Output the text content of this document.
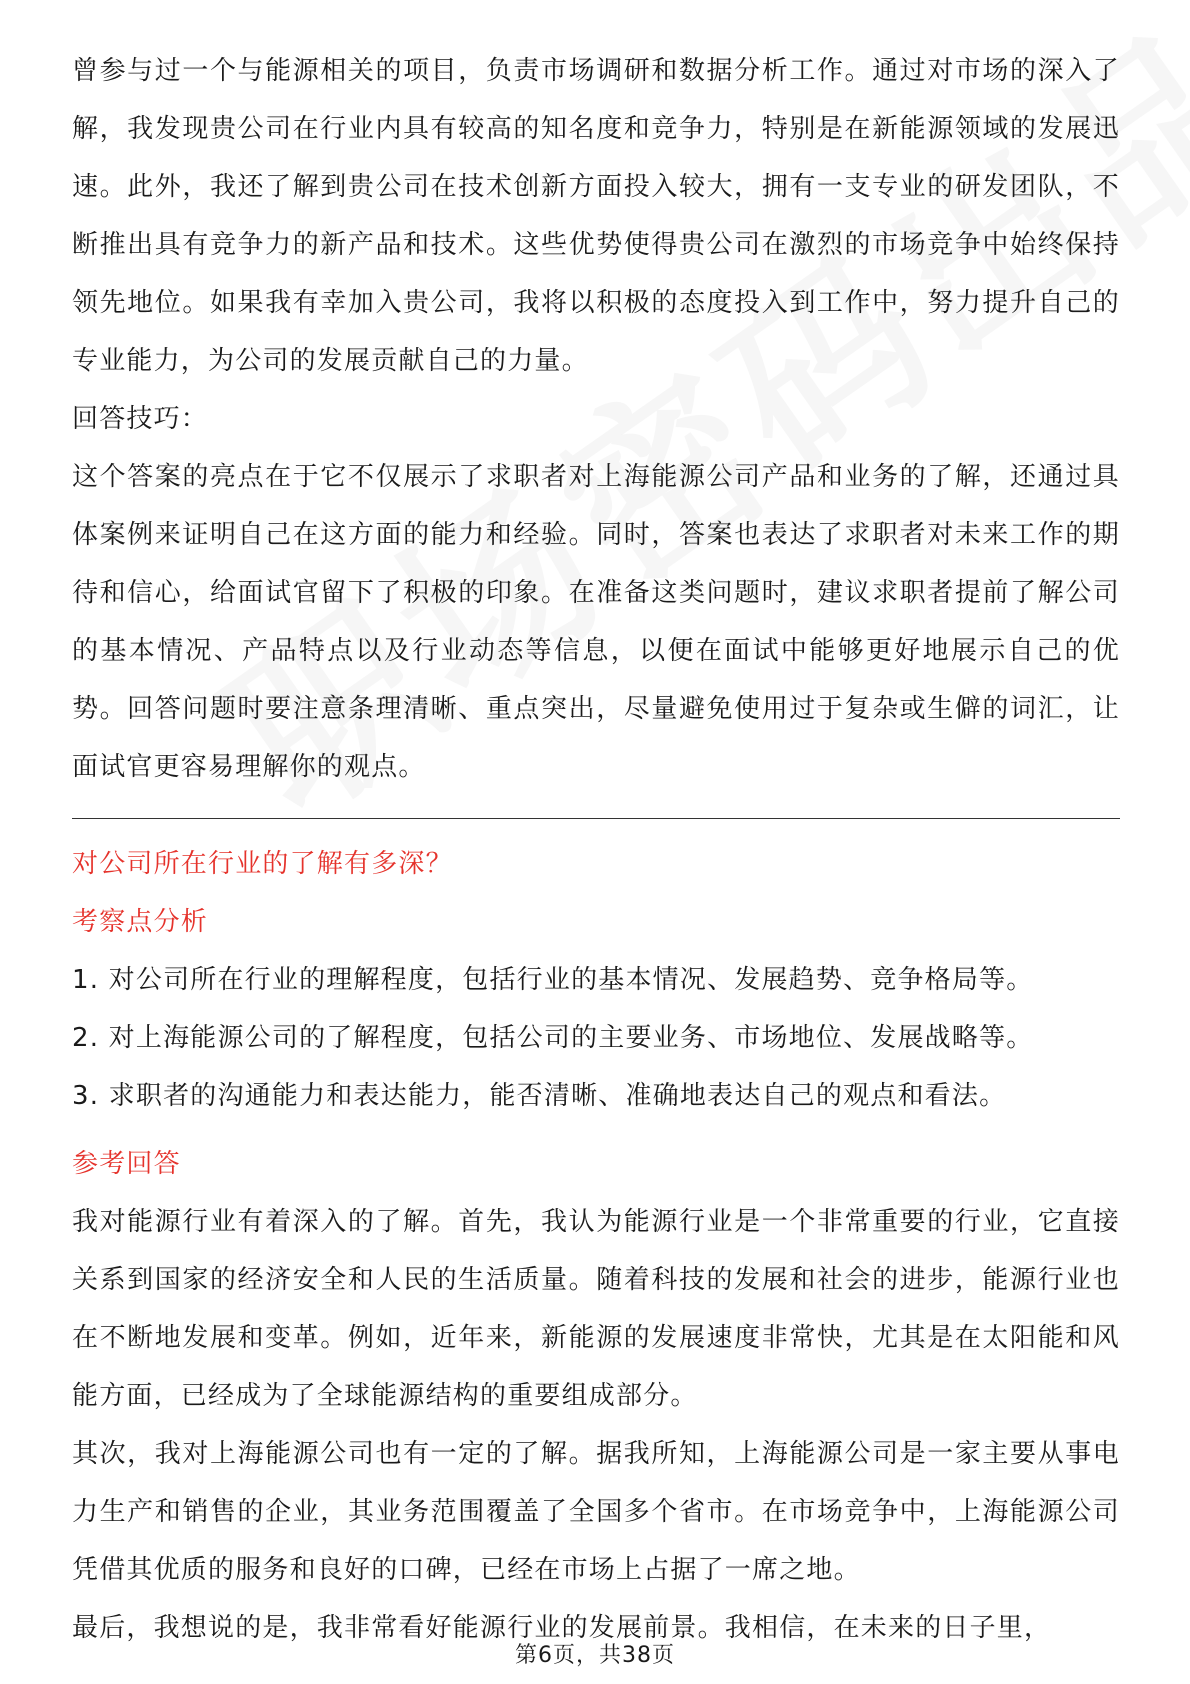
曾参与过一个与能源相关的项目，负责市场调研和数据分析工作。通过对市场的深入了解，我发现贵公司在行业内具有较高的知名度和竞争力，特别是在新能源领域的发展迅速。此外，我还了解到贵公司在技术创新方面投入较大，拥有一支专业的研发团队，不断推出具有竞争力的新产品和技术。这些优势使得贵公司在激烈的市场竞争中始终保持领先地位。如果我有幸加入贵公司，我将以积极的态度投入到工作中，努力提升自己的专业能力，为公司的发展贡献自己的力量。

回答技巧：

这个答案的亮点在于它不仅展示了求职者对上海能源公司产品和业务的了解，还通过具体案例来证明自己在这方面的能力和经验。同时，答案也表达了求职者对未来工作的期待和信心，给面试官留下了积极的印象。在准备这类问题时，建议求职者提前了解公司的基本情况、产品特点以及行业动态等信息，以便在面试中能够更好地展示自己的优势。回答问题时要注意条理清晰、重点突出，尽量避免使用过于复杂或生僻的词汇，让面试官更容易理解你的观点。

对公司所在行业的了解有多深？

考察点分析

1. 对公司所在行业的理解程度，包括行业的基本情况、发展趋势、竞争格局等。

2. 对上海能源公司的了解程度，包括公司的主要业务、市场地位、发展战略等。

3. 求职者的沟通能力和表达能力，能否清晰、准确地表达自己的观点和看法。

参考回答

我对能源行业有着深入的了解。首先，我认为能源行业是一个非常重要的行业，它直接关系到国家的经济安全和人民的生活质量。随着科技的发展和社会的进步，能源行业也在不断地发展和变革。例如，近年来，新能源的发展速度非常快，尤其是在太阳能和风能方面，已经成为了全球能源结构的重要组成部分。

其次，我对上海能源公司也有一定的了解。据我所知，上海能源公司是一家主要从事电力生产和销售的企业，其业务范围覆盖了全国多个省市。在市场竞争中，上海能源公司凭借其优质的服务和良好的口碑，已经在市场上占据了一席之地。

最后，我想说的是，我非常看好能源行业的发展前景。我相信，在未来的日子里，

第6页，共38页
